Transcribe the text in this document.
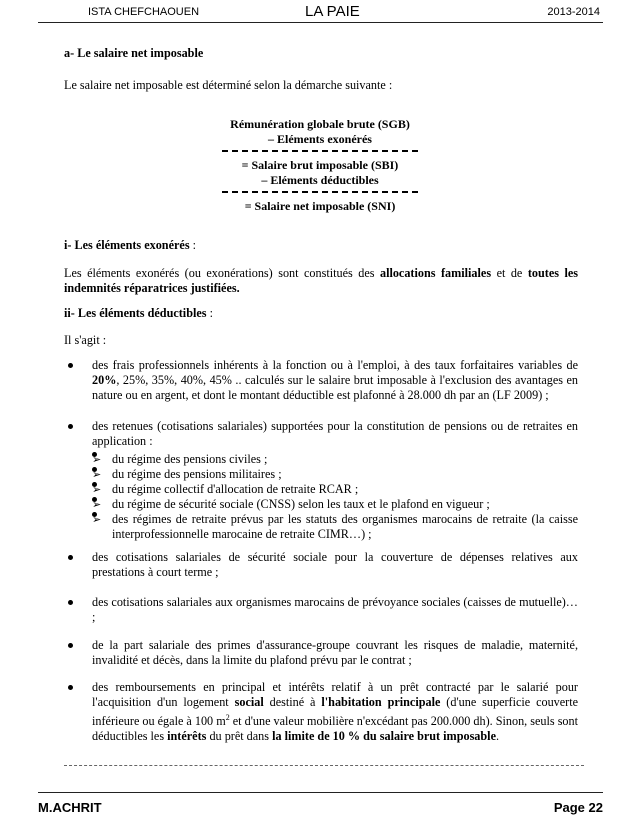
ISTA CHEFCHAOUEN	LA PAIE	2013-2014
a- Le salaire net imposable
Le salaire net imposable est déterminé selon la démarche suivante :
Rémunération globale brute (SGB)
– Eléments exonérés
= Salaire brut imposable (SBI)
– Eléments déductibles
= Salaire net imposable (SNI)
i- Les éléments exonérés :
Les éléments exonérés (ou exonérations) sont constitués des allocations familiales et de toutes les indemnités réparatrices justifiées.
ii- Les éléments déductibles :
Il s'agit :
des frais professionnels inhérents à la fonction ou à l'emploi, à des taux forfaitaires variables de 20%, 25%, 35%, 40%, 45% .. calculés sur le salaire brut imposable à l'exclusion des avantages en nature ou en argent, et dont le montant déductible est plafonné à 28.000 dh par an (LF 2009) ;
des retenues (cotisations salariales) supportées pour la constitution de pensions ou de retraites en application :
➢ du régime des pensions civiles ;
➢ du régime des pensions militaires ;
➢ du régime collectif d'allocation de retraite RCAR ;
➢ du régime de sécurité sociale (CNSS) selon les taux et le plafond en vigueur ;
➢ des régimes de retraite prévus par les statuts des organismes marocains de retraite (la caisse interprofessionnelle marocaine de retraite CIMR…) ;
des cotisations salariales de sécurité sociale pour la couverture de dépenses relatives aux prestations à court terme ;
des cotisations salariales aux organismes marocains de prévoyance sociales (caisses de mutuelle)… ;
de la part salariale des primes d'assurance-groupe couvrant les risques de maladie, maternité, invalidité et décès, dans la limite du plafond prévu par le contrat ;
des remboursements en principal et intérêts relatif à un prêt contracté par le salarié pour l'acquisition d'un logement social destiné à l'habitation principale (d'une superficie couverte inférieure ou égale à 100 $m^2$ et d'une valeur mobilière n'excédant pas 200.000 dh). Sinon, seuls sont déductibles les intérêts du prêt dans la limite de 10 % du salaire brut imposable.
M.ACHRIT	Page 22
